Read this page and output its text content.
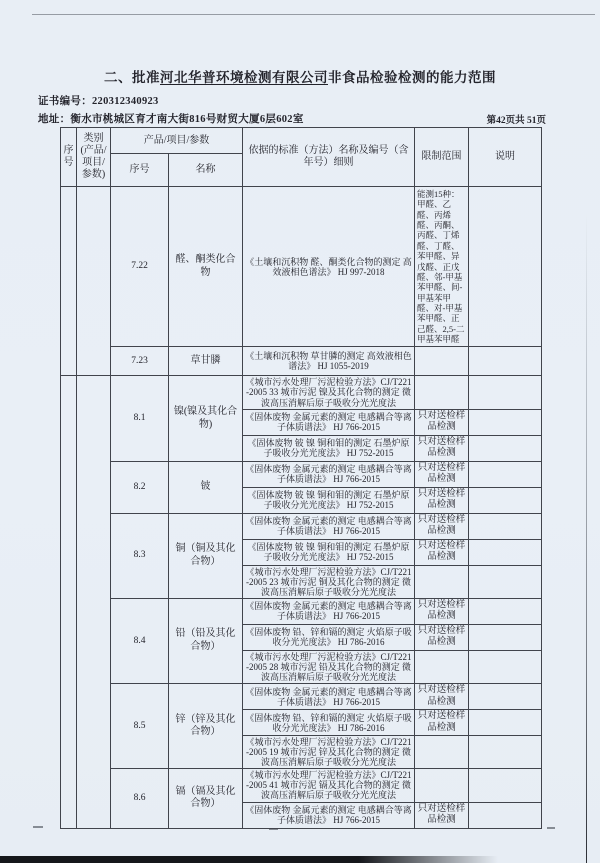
二、批准河北华普环境检测有限公司非食品检验检测的能力范围
证书编号：220312340923
地址：衡水市桃城区育才南大街816号财贸大厦6层602室	第42页共 51页
序号	类别(产品/项目/参数)	产品/项目/参数		依据的标准（方法）名称及编号（含年号）细则	限制范围	说明
		序号	名称			
		7.22	醛、酮类化合物	《土壤和沉积物 醛、酮类化合物的测定 高效液相色谱法》 HJ 997-2018	能测15种：甲醛、乙醛、丙烯醛、丙酮、丙醛、丁烯醛、丁醛、苯甲醛、异戊醛、正戊醛、邻-甲基苯甲醛、间-甲基苯甲醛、对-甲基苯甲醛、正己醛、2,5-二甲基苯甲醛	
		7.23	草甘膦	《土壤和沉积物 草甘膦的测定 高效液相色谱法》 HJ 1055-2019		
		8.1	镍(镍及其化合物)	《城市污水处理厂污泥检验方法》CJ/T221-2005 33 城市污泥 镍及其化合物的测定 微波高压消解后原子吸收分光光度法		
				《固体废物 金属元素的测定 电感耦合等离子体质谱法》 HJ 766-2015	只对送检样品检测	
				《固体废物 铍 镍 铜和钼的测定 石墨炉原子吸收分光光度法》 HJ 752-2015	只对送检样品检测	
		8.2	铍	《固体废物 金属元素的测定 电感耦合等离子体质谱法》 HJ 766-2015	只对送检样品检测	
				《固体废物 铍 镍 铜和钼的测定 石墨炉原子吸收分光光度法》 HJ 752-2015	只对送检样品检测	
		8.3	铜（铜及其化合物）	《固体废物 金属元素的测定 电感耦合等离子体质谱法》 HJ 766-2015	只对送检样品检测	
				《固体废物 铍 镍 铜和钼的测定 石墨炉原子吸收分光光度法》 HJ 752-2015	只对送检样品检测	
				《城市污水处理厂污泥检验方法》CJ/T221-2005 23 城市污泥 铜及其化合物的测定 微波高压消解后原子吸收分光光度法		
		8.4	铅（铅及其化合物）	《固体废物 金属元素的测定 电感耦合等离子体质谱法》 HJ 766-2015	只对送检样品检测	
				《固体废物 铅、锌和镉的测定 火焰原子吸收分光光度法》 HJ 786-2016	只对送检样品检测	
				《城市污水处理厂污泥检验方法》CJ/T221-2005 28 城市污泥 铅及其化合物的测定 微波高压消解后原子吸收分光光度法		
		8.5	锌（锌及其化合物）	《固体废物 金属元素的测定 电感耦合等离子体质谱法》 HJ 766-2015	只对送检样品检测	
				《固体废物 铅、锌和镉的测定 火焰原子吸收分光光度法》 HJ 786-2016	只对送检样品检测	
				《城市污水处理厂污泥检验方法》CJ/T221-2005 19 城市污泥 锌及其化合物的测定 微波高压消解后原子吸收分光光度法		
		8.6	镉（镉及其化合物）	《城市污水处理厂污泥检验方法》CJ/T221-2005 41 城市污泥 镉及其化合物的测定 微波高压消解后原子吸收分光光度法		
				《固体废物 金属元素的测定 电感耦合等离子体质谱法》 HJ 766-2015	只对送检样品检测	
